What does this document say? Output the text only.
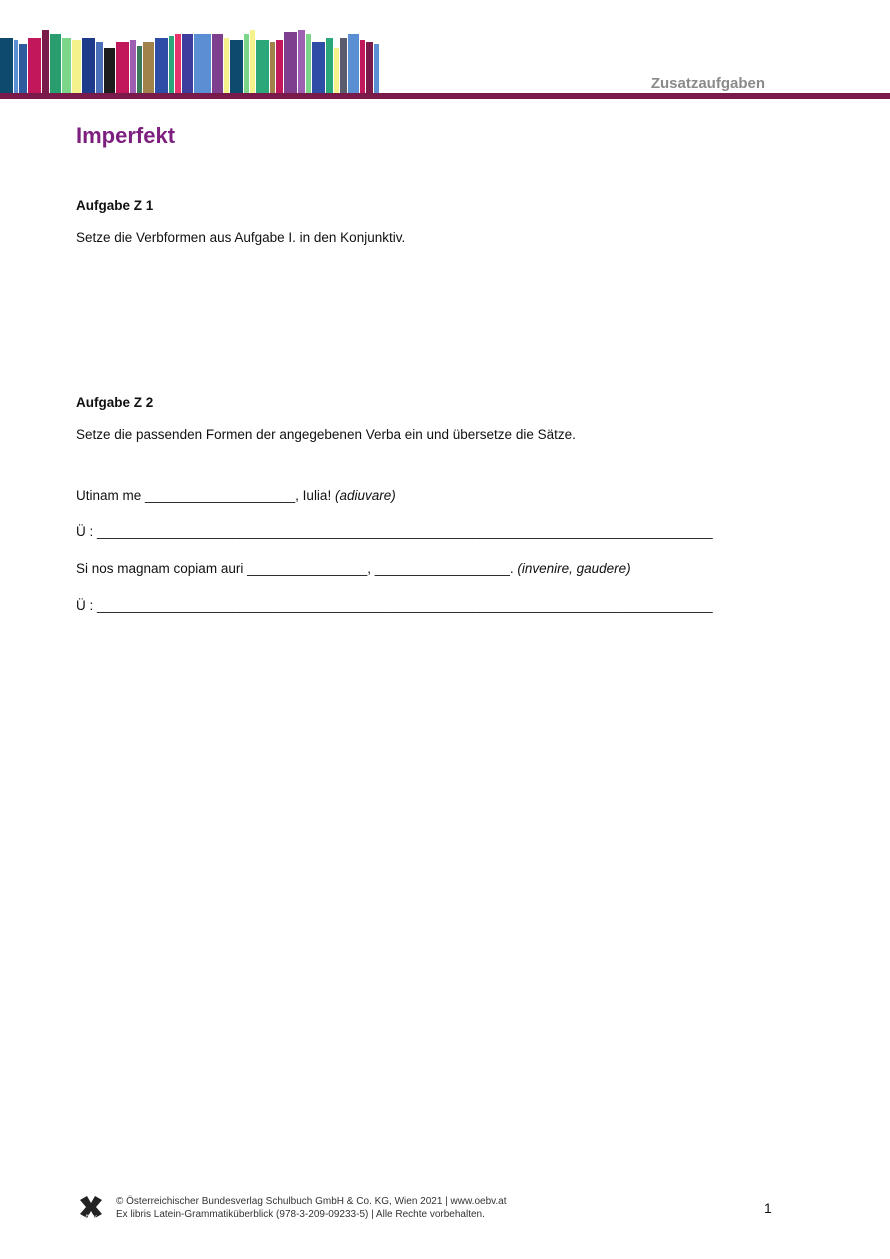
Zusatzaufgaben
Imperfekt
Aufgabe Z 1
Setze die Verbformen aus Aufgabe I. in den Konjunktiv.
Aufgabe Z 2
Setze die passenden Formen der angegebenen Verba ein und übersetze die Sätze.
Utinam me ____________________, Iulia! (adiuvare)
Ü : __________________________________________________________________________________
Si nos magnam copiam auri ________________, __________________. (invenire, gaudere)
Ü : __________________________________________________________________________________
öbv
© Österreichischer Bundesverlag Schulbuch GmbH & Co. KG, Wien 2021 | www.oebv.at
Ex libris Latein-Grammatiküberblick (978-3-209-09233-5) | Alle Rechte vorbehalten.	1
